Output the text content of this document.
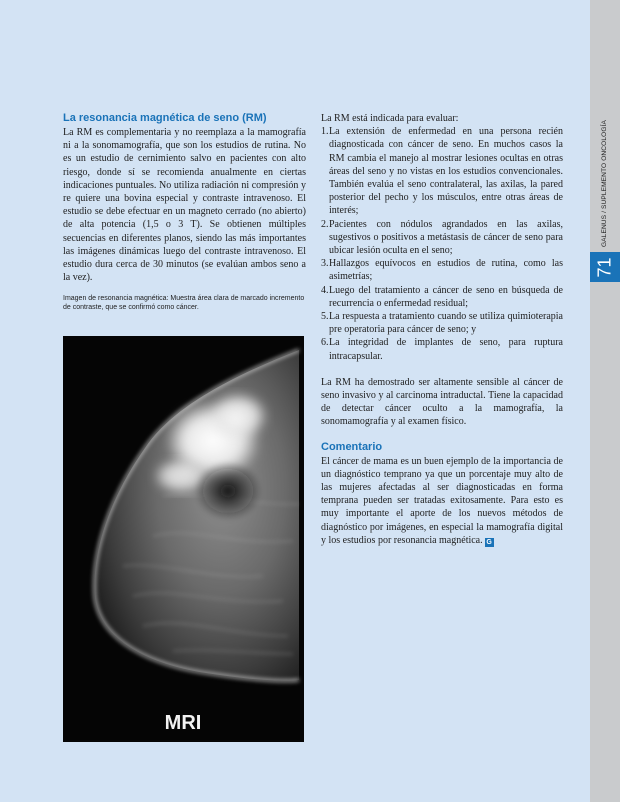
GALENUS / SUPLEMENTO ONCOLOGÍA
71
La resonancia magnética de seno (RM)

La RM es complementaria y no reemplaza a la mamografía ni a la sonomamografía, que son los estudios de rutina. No es un estudio de cernimiento salvo en pacientes con alto riesgo, donde sí se recomienda anualmente en ciertas indicaciones puntuales. No utiliza radiación ni compresión y re quiere una bovina especial y contraste intravenoso. El estudio se debe efectuar en un magneto cerrado (no abierto) de alta potencia (1,5 o 3 T). Se obtienen múltiples secuencias en diferentes planos, siendo las más importantes las imágenes dinámicas luego del contraste intravenoso. El estudio dura cerca de 30 minutos (se evalúan ambos seno a la vez).

Imagen de resonancia magnética: Muestra área clara de marcado incremento de contraste, que se confirmó como cáncer.
MRI

La RM está indicada para evaluar:

1. La extensión de enfermedad en una persona recién diagnosticada con cáncer de seno. En muchos casos la RM cambia el manejo al mostrar lesiones ocultas en otras áreas del seno y no vistas en los estudios convencionales. También evalúa el seno contralateral, las axilas, la pared posterior del pecho y los músculos, entre otras áreas de interés;
2. Pacientes con nódulos agrandados en las axilas, sugestivos o positivos a metástasis de cáncer de seno para ubicar lesión oculta en el seno;
3. Hallazgos equívocos en estudios de rutina, como las asimetrías;
4. Luego del tratamiento a cáncer de seno en búsqueda de recurrencia o enfermedad residual;
5. La respuesta a tratamiento cuando se utiliza quimioterapia pre operatoria para cáncer de seno; y
6. La integridad de implantes de seno, para ruptura intracapsular.

La RM ha demostrado ser altamente sensible al cáncer de seno invasivo y al carcinoma intraductal. Tiene la capacidad de detectar cáncer oculto a la mamografía, la sonomamografía y al examen físico.

Comentario

El cáncer de mama es un buen ejemplo de la importancia de un diagnóstico temprano ya que un porcentaje muy alto de las mujeres afectadas al ser diagnosticadas en forma temprana pueden ser tratadas exitosamente. Para esto es muy importante el aporte de los nuevos métodos de diagnóstico por imágenes, en especial la mamografía digital y los estudios por resonancia magnética. G
